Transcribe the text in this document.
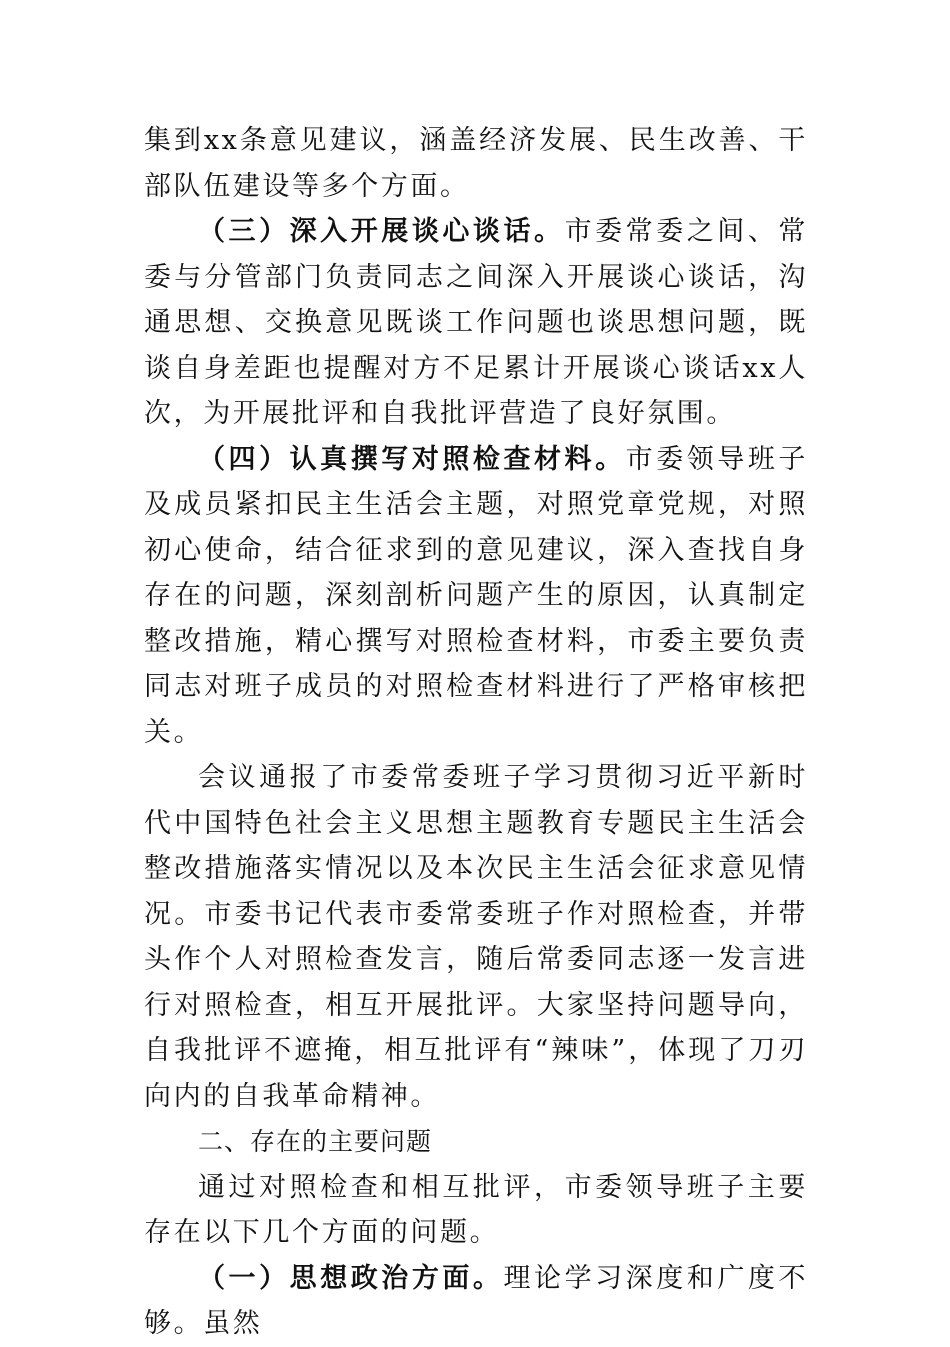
集到xx条意见建议，涵盖经济发展、民生改善、干部队伍建设等多个方面。

（三）深入开展谈心谈话。市委常委之间、常委与分管部门负责同志之间深入开展谈心谈话，沟通思想、交换意见既谈工作问题也谈思想问题，既谈自身差距也提醒对方不足累计开展谈心谈话xx人次，为开展批评和自我批评营造了良好氛围。

（四）认真撰写对照检查材料。市委领导班子及成员紧扣民主生活会主题，对照党章党规，对照初心使命，结合征求到的意见建议，深入查找自身存在的问题，深刻剖析问题产生的原因，认真制定整改措施，精心撰写对照检查材料，市委主要负责同志对班子成员的对照检查材料进行了严格审核把关。

会议通报了市委常委班子学习贯彻习近平新时代中国特色社会主义思想主题教育专题民主生活会整改措施落实情况以及本次民主生活会征求意见情况。市委书记代表市委常委班子作对照检查，并带头作个人对照检查发言，随后常委同志逐一发言进行对照检查，相互开展批评。大家坚持问题导向，自我批评不遮掩，相互批评有“辣味”，体现了刀刃向内的自我革命精神。

二、存在的主要问题

通过对照检查和相互批评，市委领导班子主要存在以下几个方面的问题。

（一）思想政治方面。理论学习深度和广度不够。虽然
